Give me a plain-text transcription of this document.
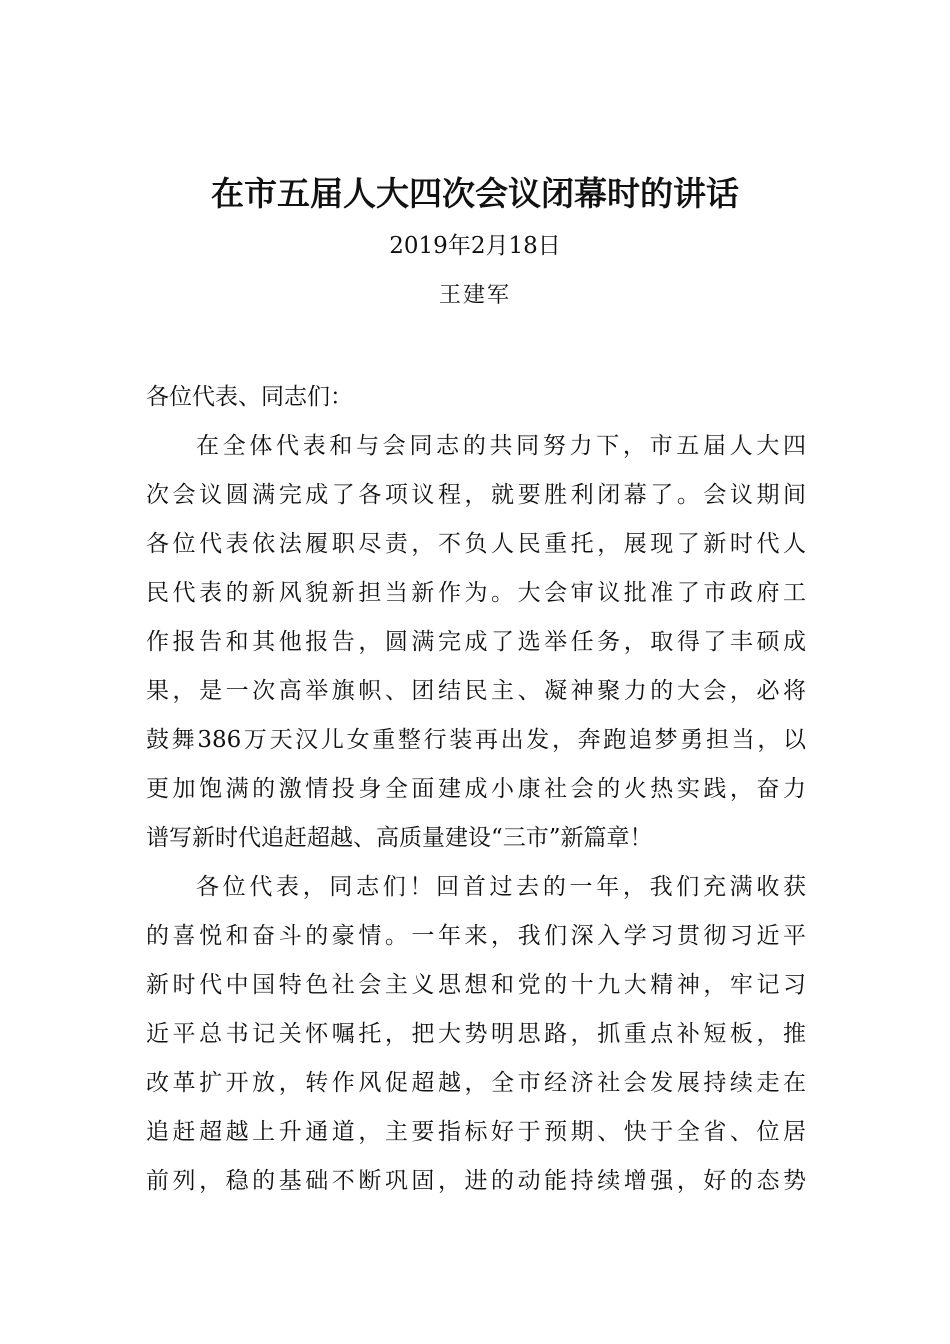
在市五届人大四次会议闭幕时的讲话
2019年2月18日
王建军
各位代表、同志们：
在全体代表和与会同志的共同努力下，市五届人大四
次会议圆满完成了各项议程，就要胜利闭幕了。会议期间
各位代表依法履职尽责，不负人民重托，展现了新时代人
民代表的新风貌新担当新作为。大会审议批准了市政府工
作报告和其他报告，圆满完成了选举任务，取得了丰硕成
果，是一次高举旗帜、团结民主、凝神聚力的大会，必将
鼓舞386万天汉儿女重整行装再出发，奔跑追梦勇担当，以
更加饱满的激情投身全面建成小康社会的火热实践，奋力
谱写新时代追赶超越、高质量建设“三市”新篇章！
各位代表，同志们！回首过去的一年，我们充满收获
的喜悦和奋斗的豪情。一年来，我们深入学习贯彻习近平
新时代中国特色社会主义思想和党的十九大精神，牢记习
近平总书记关怀嘱托，把大势明思路，抓重点补短板，推
改革扩开放，转作风促超越，全市经济社会发展持续走在
追赶超越上升通道，主要指标好于预期、快于全省、位居
前列，稳的基础不断巩固，进的动能持续增强，好的态势
